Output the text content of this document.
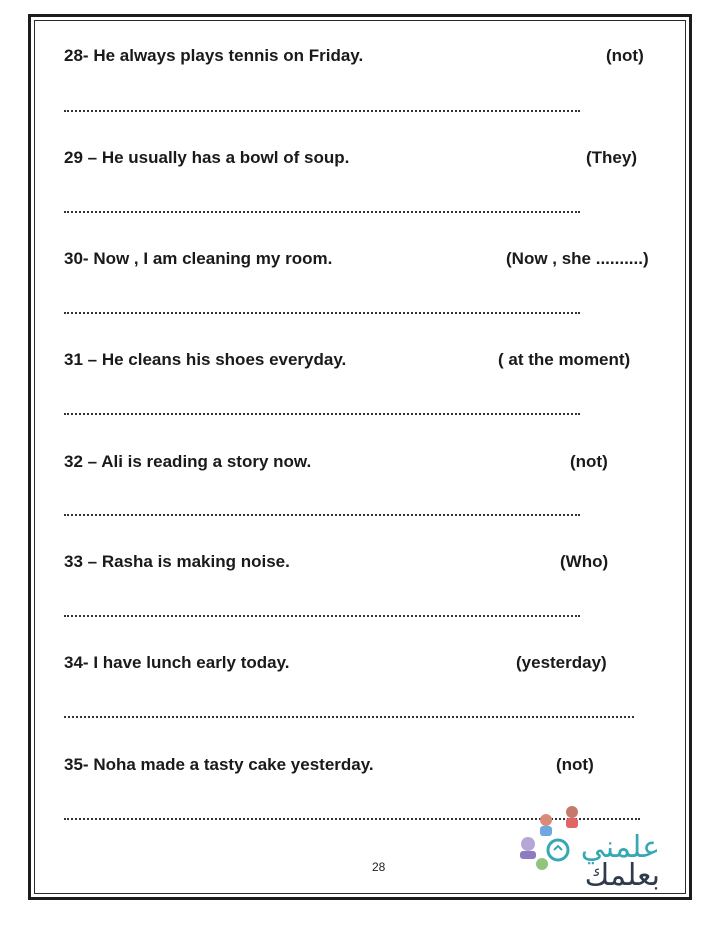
28- He always plays tennis on Friday.	(not)
29 – He usually has a bowl of soup.	(They)
30- Now , I am cleaning my room.	(Now , she ..........)
31 – He cleans his shoes everyday.	( at the moment)
32 – Ali is reading a story now.	(not)
33 – Rasha is making noise.	(Who)
34- I have lunch early today.	(yesterday)
35- Noha made a tasty cake yesterday.	(not)
28
علمني
بعلمك
